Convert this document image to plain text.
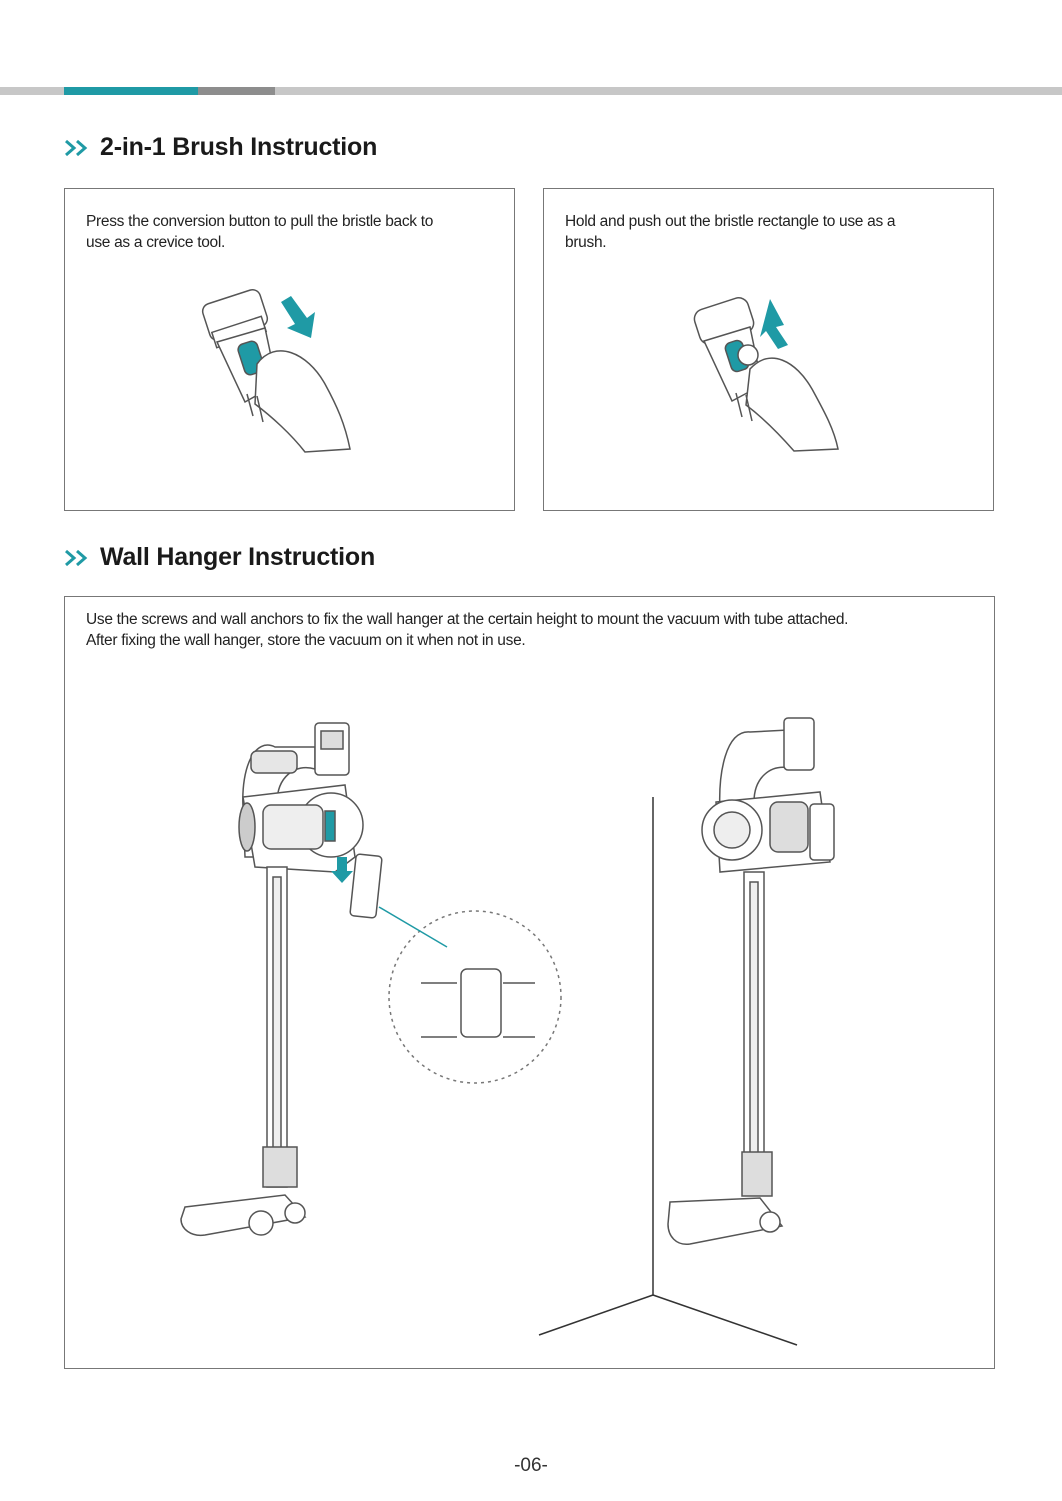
2-in-1 Brush Instruction
Press the conversion button to pull the bristle back to
use as a crevice tool.
Hold and push out the bristle rectangle to use as a
brush.
Wall Hanger Instruction
Use the screws and wall anchors to fix the wall hanger at the certain height to mount the vacuum with tube attached.
After fixing the wall hanger, store the vacuum on it when not in use.
-06-
